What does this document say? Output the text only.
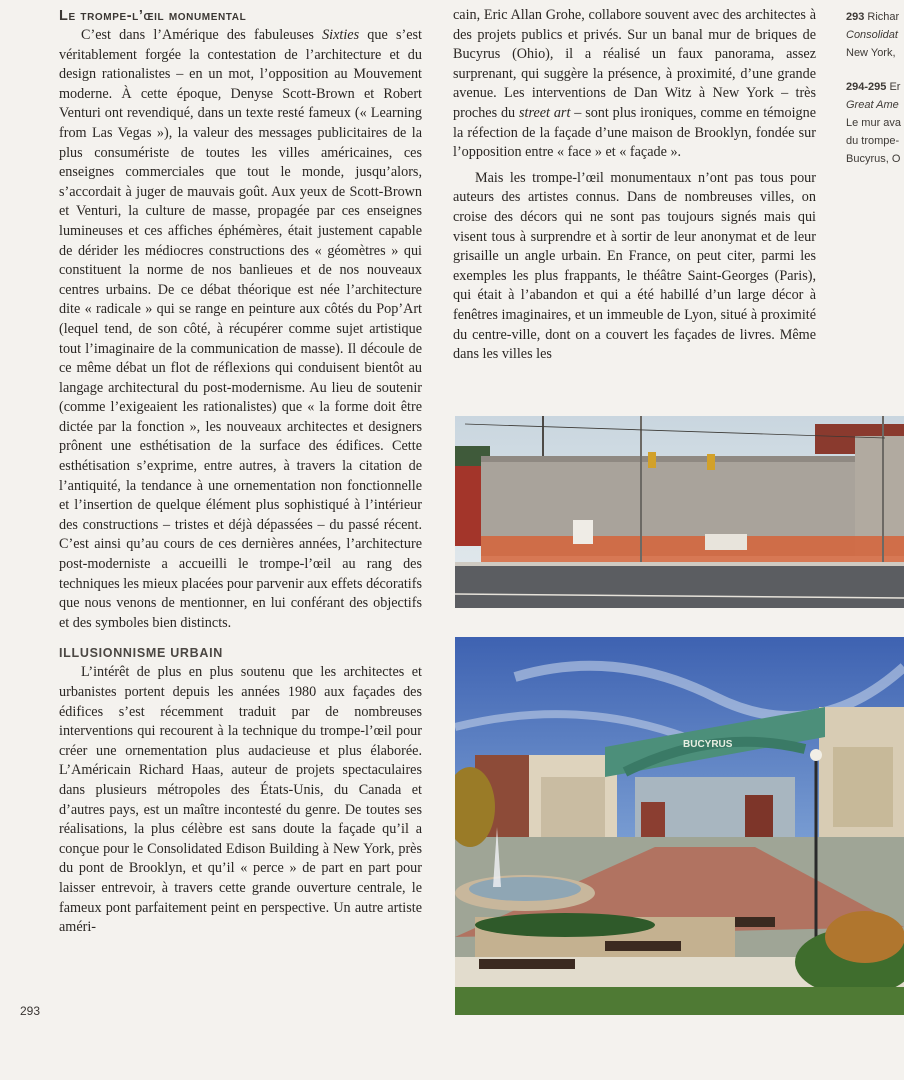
Le trompe-l’œil monumental

C’est dans l’Amérique des fabuleuses Sixties que s’est véritablement forgée la contestation de l’architecture et du design rationalistes – en un mot, l’opposition au Mouvement moderne. À cette époque, Denyse Scott-Brown et Robert Venturi ont revendiqué, dans un texte resté fameux (« Learning from Las Vegas »), la valeur des messages publicitaires de la plus consumériste de toutes les villes américaines, ces enseignes commerciales que tout le monde, jusqu’alors, s’accordait à juger de mauvais goût. Aux yeux de Scott-Brown et Venturi, la culture de masse, propagée par ces enseignes lumineuses et ces affiches éphémères, était justement capable de dérider les médiocres constructions des « géomètres » qui constituent la norme de nos banlieues et de nos nouveaux centres urbains. De ce débat théorique est née l’architecture dite « radicale » qui se range en peinture aux côtés du Pop’Art (lequel tend, de son côté, à récupérer comme sujet artistique tout l’imaginaire de la communication de masse). Il découle de ce même débat un flot de réflexions qui conduisent bientôt au langage architectural du post-modernisme. Au lieu de soutenir (comme l’exigeaient les rationalistes) que « la forme doit être dictée par la fonction », les nouveaux architectes et designers prônent une esthétisation de la surface des édifices. Cette esthétisation s’exprime, entre autres, à travers la citation de l’antiquité, la tendance à une ornementation non fonctionnelle et l’insertion de quelque élément plus sophistiqué à l’intérieur des constructions – tristes et déjà dépassées – du passé récent. C’est ainsi qu’au cours de ces dernières années, l’architecture post-moderniste a accueilli le trompe-l’œil au rang des techniques les mieux placées pour parvenir aux effets décoratifs que nous venons de mentionner, en lui conférant des objectifs et des symboles bien distincts.

ILLUSIONNISME URBAIN

L’intérêt de plus en plus soutenu que les architectes et urbanistes portent depuis les années 1980 aux façades des édifices s’est récemment traduit par de nombreuses interventions qui recourent à la technique du trompe-l’œil pour créer une ornementation plus audacieuse et plus élaborée. L’Américain Richard Haas, auteur de projets spectaculaires dans plusieurs métropoles des États-Unis, du Canada et d’autres pays, est un maître incontesté du genre. De toutes ses réalisations, la plus célèbre est sans doute la façade qu’il a conçue pour le Consolidated Edison Building à New York, près du pont de Brooklyn, et qu’il « perce » de part en part pour laisser entrevoir, à travers cette grande ouverture centrale, le fameux pont parfaitement peint en perspective. Un autre artiste améri-

cain, Eric Allan Grohe, collabore souvent avec des architectes à des projets publics et privés. Sur un banal mur de briques de Bucyrus (Ohio), il a réalisé un faux panorama, assez surprenant, qui suggère la présence, à proximité, d’une grande avenue. Les interventions de Dan Witz à New York – très proches du street art – sont plus ironiques, comme en témoigne la réfection de la façade d’une maison de Brooklyn, fondée sur l’opposition entre « face » et « façade ».

Mais les trompe-l’œil monumentaux n’ont pas tous pour auteurs des artistes connus. Dans de nombreuses villes, on croise des décors qui ne sont pas toujours signés mais qui visent tous à surprendre et à sortir de leur anonymat et de leur grisaille un angle urbain. En France, on peut citer, parmi les exemples les plus frappants, le théâtre Saint-Georges (Paris), qui était à l’abandon et qui a été habillé d’un large décor à fenêtres imaginaires, et un immeuble de Lyon, situé à proximité du centre-ville, dont on a couvert les façades de livres. Même dans les villes les

293 Richar
Consolidat
New York,
294-295 Er
Great Ame
Le mur ava
du trompe-
Bucyrus, O
BUCYRUS
293
